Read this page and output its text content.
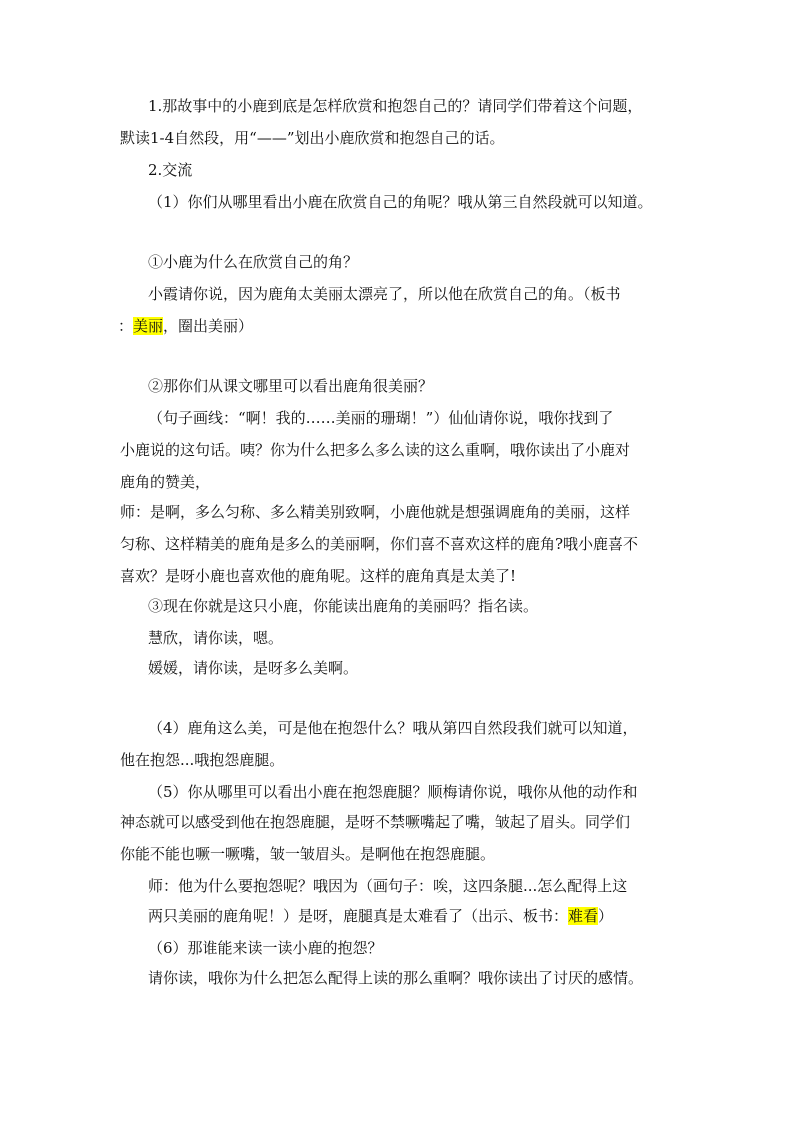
1.那故事中的小鹿到底是怎样欣赏和抱怨自己的？请同学们带着这个问题，
默读1-4自然段，用“——”划出小鹿欣赏和抱怨自己的话。
2.交流
（1）你们从哪里看出小鹿在欣赏自己的角呢？哦从第三自然段就可以知道。
①小鹿为什么在欣赏自己的角？
小霞请你说，因为鹿角太美丽太漂亮了，所以他在欣赏自己的角。（板书
：美丽，圈出美丽）
②那你们从课文哪里可以看出鹿角很美丽？
（句子画线：“啊！我的……美丽的珊瑚！”）仙仙请你说，哦你找到了
小鹿说的这句话。咦？你为什么把多么多么读的这么重啊，哦你读出了小鹿对
鹿角的赞美，
师：是啊，多么匀称、多么精美别致啊，小鹿他就是想强调鹿角的美丽，这样
匀称、这样精美的鹿角是多么的美丽啊，你们喜不喜欢这样的鹿角?哦小鹿喜不
喜欢？是呀小鹿也喜欢他的鹿角呢。这样的鹿角真是太美了!
③现在你就是这只小鹿，你能读出鹿角的美丽吗？指名读。
慧欣，请你读，嗯。
媛媛，请你读，是呀多么美啊。
（4）鹿角这么美，可是他在抱怨什么？哦从第四自然段我们就可以知道，
他在抱怨...哦抱怨鹿腿。
（5）你从哪里可以看出小鹿在抱怨鹿腿？顺梅请你说，哦你从他的动作和
神态就可以感受到他在抱怨鹿腿，是呀不禁噘嘴起了嘴，皱起了眉头。同学们
你能不能也噘一噘嘴，皱一皱眉头。是啊他在抱怨鹿腿。
师：他为什么要抱怨呢？哦因为（画句子：唉，这四条腿...怎么配得上这
两只美丽的鹿角呢！）是呀，鹿腿真是太难看了（出示、板书：难看）
（6）那谁能来读一读小鹿的抱怨？
请你读，哦你为什么把怎么配得上读的那么重啊？哦你读出了讨厌的感情。
